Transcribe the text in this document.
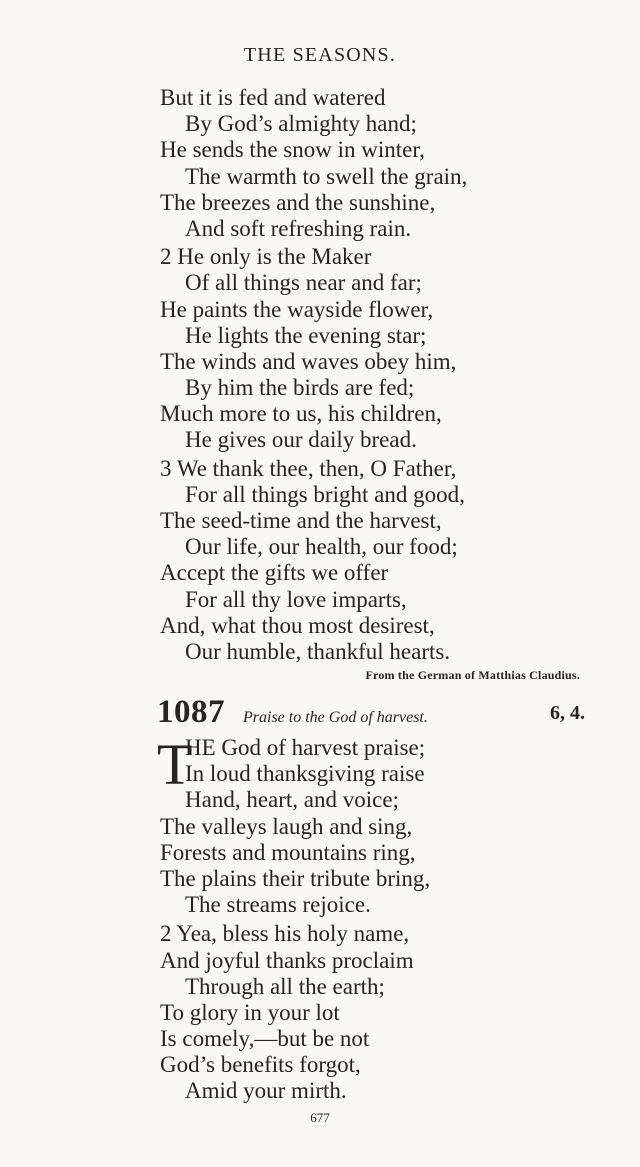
THE SEASONS.
But it is fed and watered
By God’s almighty hand;
He sends the snow in winter,
The warmth to swell the grain,
The breezes and the sunshine,
And soft refreshing rain.
2 He only is the Maker
Of all things near and far;
He paints the wayside flower,
He lights the evening star;
The winds and waves obey him,
By him the birds are fed;
Much more to us, his children,
He gives our daily bread.
3 We thank thee, then, O Father,
For all things bright and good,
The seed-time and the harvest,
Our life, our health, our food;
Accept the gifts we offer
For all thy love imparts,
And, what thou most desirest,
Our humble, thankful hearts.
From the German of Matthias Claudius.
1087 Praise to the God of harvest.	6, 4.
T
HE God of harvest praise;
In loud thanksgiving raise
Hand, heart, and voice;
The valleys laugh and sing,
Forests and mountains ring,
The plains their tribute bring,
The streams rejoice.
2 Yea, bless his holy name,
And joyful thanks proclaim
Through all the earth;
To glory in your lot
Is comely,—but be not
God’s benefits forgot,
Amid your mirth.
677
